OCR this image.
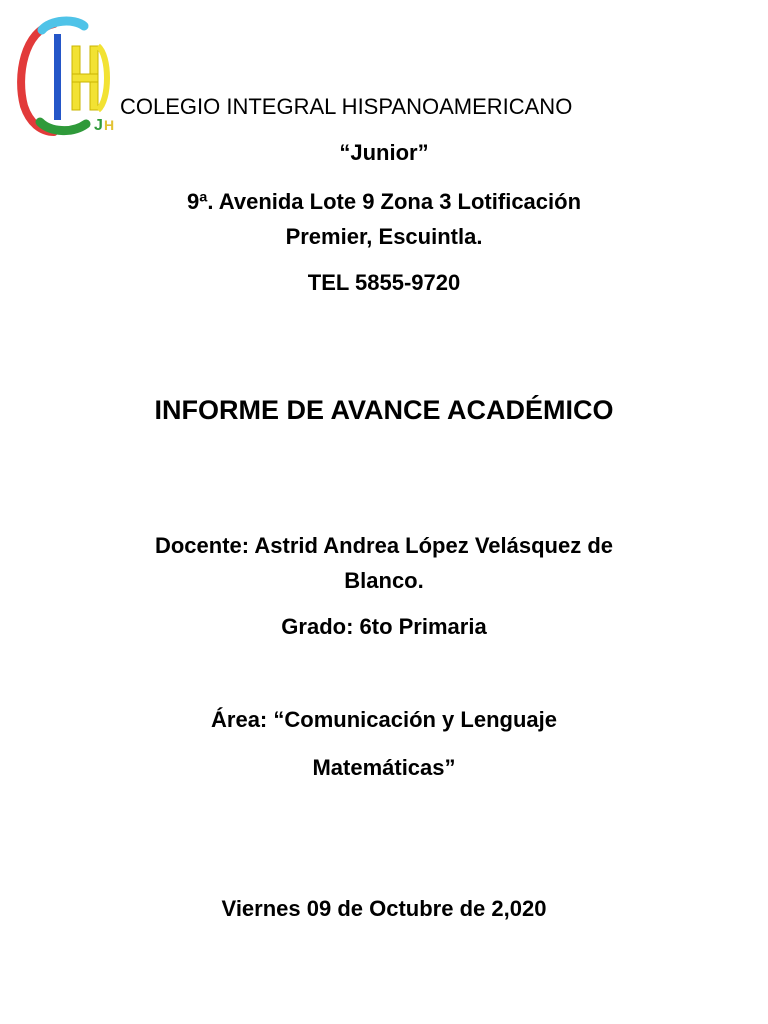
J H
COLEGIO INTEGRAL HISPANOAMERICANO
“Junior”
9ª. Avenida Lote 9 Zona 3 Lotificación
Premier, Escuintla.
TEL 5855-9720
INFORME DE AVANCE ACADÉMICO
Docente: Astrid Andrea López Velásquez de
Blanco.
Grado: 6to Primaria
Área: “Comunicación y Lenguaje
Matemáticas”
Viernes 09 de Octubre de 2,020
